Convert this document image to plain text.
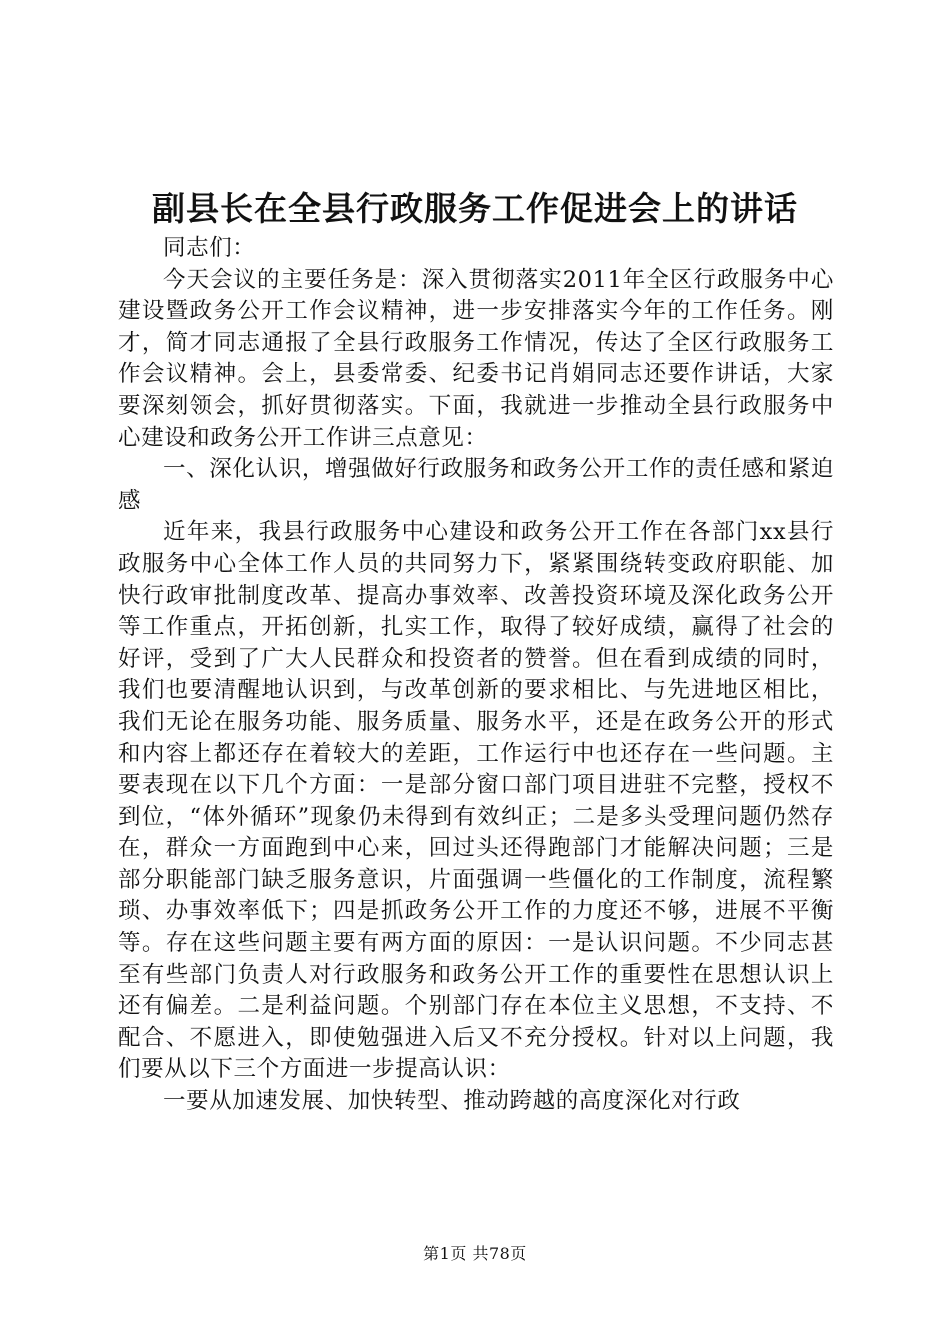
副县长在全县行政服务工作促进会上的讲话

同志们：

今天会议的主要任务是：深入贯彻落实2011年全区行政服务中心建设暨政务公开工作会议精神，进一步安排落实今年的工作任务。刚才，简才同志通报了全县行政服务工作情况，传达了全区行政服务工作会议精神。会上，县委常委、纪委书记肖娟同志还要作讲话，大家要深刻领会，抓好贯彻落实。下面，我就进一步推动全县行政服务中心建设和政务公开工作讲三点意见：

一、深化认识，增强做好行政服务和政务公开工作的责任感和紧迫感

近年来，我县行政服务中心建设和政务公开工作在各部门xx县行政服务中心全体工作人员的共同努力下，紧紧围绕转变政府职能、加快行政审批制度改革、提高办事效率、改善投资环境及深化政务公开等工作重点，开拓创新，扎实工作，取得了较好成绩，赢得了社会的好评，受到了广大人民群众和投资者的赞誉。但在看到成绩的同时，我们也要清醒地认识到，与改革创新的要求相比、与先进地区相比，我们无论在服务功能、服务质量、服务水平，还是在政务公开的形式和内容上都还存在着较大的差距，工作运行中也还存在一些问题。主要表现在以下几个方面：一是部分窗口部门项目进驻不完整，授权不到位，“体外循环”现象仍未得到有效纠正；二是多头受理问题仍然存在，群众一方面跑到中心来，回过头还得跑部门才能解决问题；三是部分职能部门缺乏服务意识，片面强调一些僵化的工作制度，流程繁琐、办事效率低下；四是抓政务公开工作的力度还不够，进展不平衡等。存在这些问题主要有两方面的原因：一是认识问题。不少同志甚至有些部门负责人对行政服务和政务公开工作的重要性在思想认识上还有偏差。二是利益问题。个别部门存在本位主义思想，不支持、不配合、不愿进入，即使勉强进入后又不充分授权。针对以上问题，我们要从以下三个方面进一步提高认识：

一要从加速发展、加快转型、推动跨越的高度深化对行政

第1页 共78页
